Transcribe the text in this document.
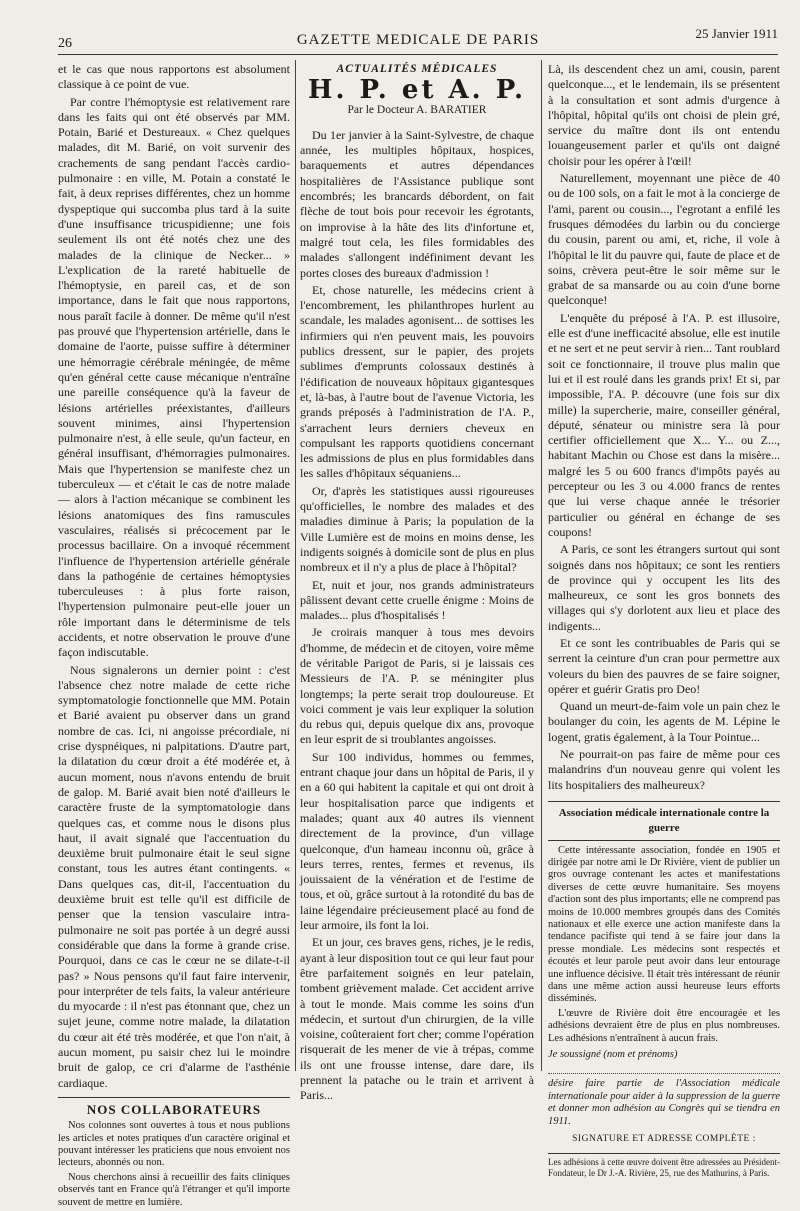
26	GAZETTE MEDICALE DE PARIS	25 Janvier 1911

et le cas que nous rapportons est absolument classique à ce point de vue.

Par contre l'hémoptysie est relativement rare dans les faits qui ont été observés par MM. Potain, Barié et Destureaux. « Chez quelques malades, dit M. Barié, on voit survenir des crachements de sang pendant l'accès cardio-pulmonaire : en ville, M. Potain a constaté le fait, à deux reprises différentes, chez un homme dyspeptique qui succomba plus tard à la suite d'une insuffisance tricuspidienne; une fois seulement ils ont été notés chez une des malades de la clinique de Necker... » L'explication de la rareté habituelle de l'hémoptysie, en pareil cas, et de son importance, dans le fait que nous rapportons, nous paraît facile à donner. De même qu'il n'est pas prouvé que l'hypertension artérielle, dans le domaine de l'aorte, puisse suffire à déterminer une hémorragie cérébrale méningée, de même qu'en général cette cause mécanique n'entraîne une pareille conséquence qu'à la faveur de lésions artérielles préexistantes, d'ailleurs souvent minimes, ainsi l'hypertension pulmonaire n'est, à elle seule, qu'un facteur, en général insuffisant, d'hémorragies pulmonaires. Mais que l'hypertension se manifeste chez un tuberculeux — et c'était le cas de notre malade — alors à l'action mécanique se combinent les lésions anatomiques des fins ramuscules vasculaires, réalisés si précocement par le processus bacillaire. On a invoqué récemment l'influence de l'hypertension artérielle générale dans la pathogénie de certaines hémoptysies tuberculeuses : à plus forte raison, l'hypertension pulmonaire peut-elle jouer un rôle important dans le déterminisme de tels accidents, et notre observation le prouve d'une façon indiscutable.

Nous signalerons un dernier point : c'est l'absence chez notre malade de cette riche symptomatologie fonctionnelle que MM. Potain et Barié avaient pu observer dans un grand nombre de cas. Ici, ni angoisse précordiale, ni crise dyspnéiques, ni palpitations. D'autre part, la dilatation du cœur droit a été modérée et, à aucun moment, nous n'avons entendu de bruit de galop. M. Barié avait bien noté d'ailleurs le caractère fruste de la symptomatologie dans quelques cas, et comme nous le disons plus haut, il avait signalé que l'accentuation du deuxième bruit pulmonaire était le seul signe constant, tous les autres étant contingents. « Dans quelques cas, dit-il, l'accentuation du deuxième bruit est telle qu'il est difficile de penser que la tension vasculaire intra-pulmonaire ne soit pas portée à un degré aussi considérable que dans la forme à grande crise. Pourquoi, dans ce cas le cœur ne se dilate-t-il pas? » Nous pensons qu'il faut faire intervenir, pour interpréter de tels faits, la valeur antérieure du myocarde : il n'est pas étonnant que, chez un sujet jeune, comme notre malade, la dilatation du cœur ait été très modérée, et que l'on n'ait, à aucun moment, pu saisir chez lui le moindre bruit de galop, ce cri d'alarme de l'asthénie cardiaque.

NOS COLLABORATEURS

Nos colonnes sont ouvertes à tous et nous publions les articles et notes pratiques d'un caractère original et pouvant intéresser les praticiens que nous envoient nos lecteurs, abonnés ou non.

Nous cherchons ainsi à recueillir des faits cliniques observés tant en France qu'à l'étranger et qu'il importe souvent de mettre en lumière.

ACTUALITÉS MÉDICALES
H. P. et A. P.
Par le Docteur A. BARATIER

Du 1er janvier à la Saint-Sylvestre, de chaque année, les multiples hôpitaux, hospices, baraquements et autres dépendances hospitalières de l'Assistance publique sont encombrés; les brancards débordent, on fait flèche de tout bois pour recevoir les égrotants, on improvise à la hâte des lits d'infortune et, malgré tout cela, les files formidables des malades s'allongent indéfiniment devant les portes closes des bureaux d'admission !

Et, chose naturelle, les médecins crient à l'encombrement, les philanthropes hurlent au scandale, les malades agonisent... de sottises les infirmiers qui n'en peuvent mais, les pouvoirs publics dressent, sur le papier, des projets sublimes d'emprunts colossaux destinés à l'édification de nouveaux hôpitaux gigantesques et, là-bas, à l'autre bout de l'avenue Victoria, les grands préposés à l'administration de l'A. P., s'arrachent leurs derniers cheveux en compulsant les rapports quotidiens concernant les admissions de plus en plus formidables dans les salles d'hôpitaux séquaniens...

Or, d'après les statistiques aussi rigoureuses qu'officielles, le nombre des malades et des maladies diminue à Paris; la population de la Ville Lumière est de moins en moins dense, les indigents soignés à domicile sont de plus en plus nombreux et il n'y a plus de place à l'hôpital?

Et, nuit et jour, nos grands administrateurs pâlissent devant cette cruelle énigme : Moins de malades... plus d'hospitalisés !

Je croirais manquer à tous mes devoirs d'homme, de médecin et de citoyen, voire même de véritable Parigot de Paris, si je laissais ces Messieurs de l'A. P. se méningiter plus longtemps; la perte serait trop douloureuse. Et voici comment je vais leur expliquer la solution du rebus qui, depuis quelque dix ans, provoque en leur esprit de si troublantes angoisses.

Sur 100 individus, hommes ou femmes, entrant chaque jour dans un hôpital de Paris, il y en a 60 qui habitent la capitale et qui ont droit à leur hospitalisation parce que indigents et malades; quant aux 40 autres ils viennent directement de la province, d'un village quelconque, d'un hameau inconnu où, grâce à leurs terres, rentes, fermes et revenus, ils jouissaient de la vénération et de l'estime de tous, et où, grâce surtout à la rotondité du bas de laine légendaire précieusement placé au fond de leur armoire, ils font la loi.

Et un jour, ces braves gens, riches, je le redis, ayant à leur disposition tout ce qui leur faut pour être parfaitement soignés en leur patelain, tombent grièvement malade. Cet accident arrive à tout le monde. Mais comme les soins d'un médecin, et surtout d'un chirurgien, de la ville voisine, coûteraient fort cher; comme l'opération risquerait de les mener de vie à trépas, comme ils ont une frousse intense, dare dare, ils prennent la patache ou le train et arrivent à Paris...

Là, ils descendent chez un ami, cousin, parent quelconque..., et le lendemain, ils se présentent à la consultation et sont admis d'urgence à l'hôpital, hôpital qu'ils ont choisi de plein gré, service du maître dont ils ont entendu louangeusement parler et qu'ils ont daigné choisir pour les opérer à l'œil!

Naturellement, moyennant une pièce de 40 ou de 100 sols, on a fait le mot à la concierge de l'ami, parent ou cousin..., l'egrotant a enfilé les frusques démodées du larbin ou du concierge du cousin, parent ou ami, et, riche, il vole à l'hôpital le lit du pauvre qui, faute de place et de soins, crèvera peut-être le soir même sur le grabat de sa mansarde ou au coin d'une borne quelconque!

L'enquête du préposé à l'A. P. est illusoire, elle est d'une inefficacité absolue, elle est inutile et ne sert et ne peut servir à rien... Tant roublard soit ce fonctionnaire, il trouve plus malin que lui et il est roulé dans les grands prix! Et si, par impossible, l'A. P. découvre (une fois sur dix mille) la supercherie, maire, conseiller général, député, sénateur ou ministre sera là pour certifier officiellement que X... Y... ou Z..., habitant Machin ou Chose est dans la misère... malgré les 5 ou 600 francs d'impôts payés au percepteur ou les 3 ou 4.000 francs de rentes que lui verse chaque année le trésorier particulier ou général en échange de ses coupons!

A Paris, ce sont les étrangers surtout qui sont soignés dans nos hôpitaux; ce sont les rentiers de province qui y occupent les lits des malheureux, ce sont les gros bonnets des villages qui s'y dorlotent aux lieu et place des indigents...

Et ce sont les contribuables de Paris qui se serrent la ceinture d'un cran pour permettre aux voleurs du bien des pauvres de se faire soigner, opérer et guérir Gratis pro Deo!

Quand un meurt-de-faim vole un pain chez le boulanger du coin, les agents de M. Lépine le logent, gratis également, à la Tour Pointue...

Ne pourrait-on pas faire de même pour ces malandrins d'un nouveau genre qui volent les lits hospitaliers des malheureux?

Association médicale internationale contre la guerre

Cette intéressante association, fondée en 1905 et dirigée par notre ami le Dr Rivière, vient de publier un gros ouvrage contenant les actes et manifestations diverses de cette œuvre humanitaire. Ses moyens d'action sont des plus importants; elle ne comprend pas moins de 10.000 membres groupés dans des Comités nationaux et elle exerce une action manifeste dans la tendance pacifiste qui tend à se faire jour dans la presse mondiale. Les médecins sont respectés et écoutés et leur parole peut avoir dans leur entourage une influence décisive. Il était très intéressant de réunir dans une même action aussi heureuse leurs efforts disséminés.

L'œuvre de Rivière doit être encouragée et les adhésions devraient être de plus en plus nombreuses. Les adhésions n'entraînent à aucun frais.

Je soussigné (nom et prénoms)
désire faire partie de l'Association médicale internationale pour aider à la suppression de la guerre et donner mon adhésion au Congrès qui se tiendra en 1911.
SIGNATURE ET ADRESSE COMPLÈTE :
Les adhésions à cette œuvre doivent être adressées au Président-Fondateur, le Dr J.-A. Rivière, 25, rue des Mathurins, à Paris.
